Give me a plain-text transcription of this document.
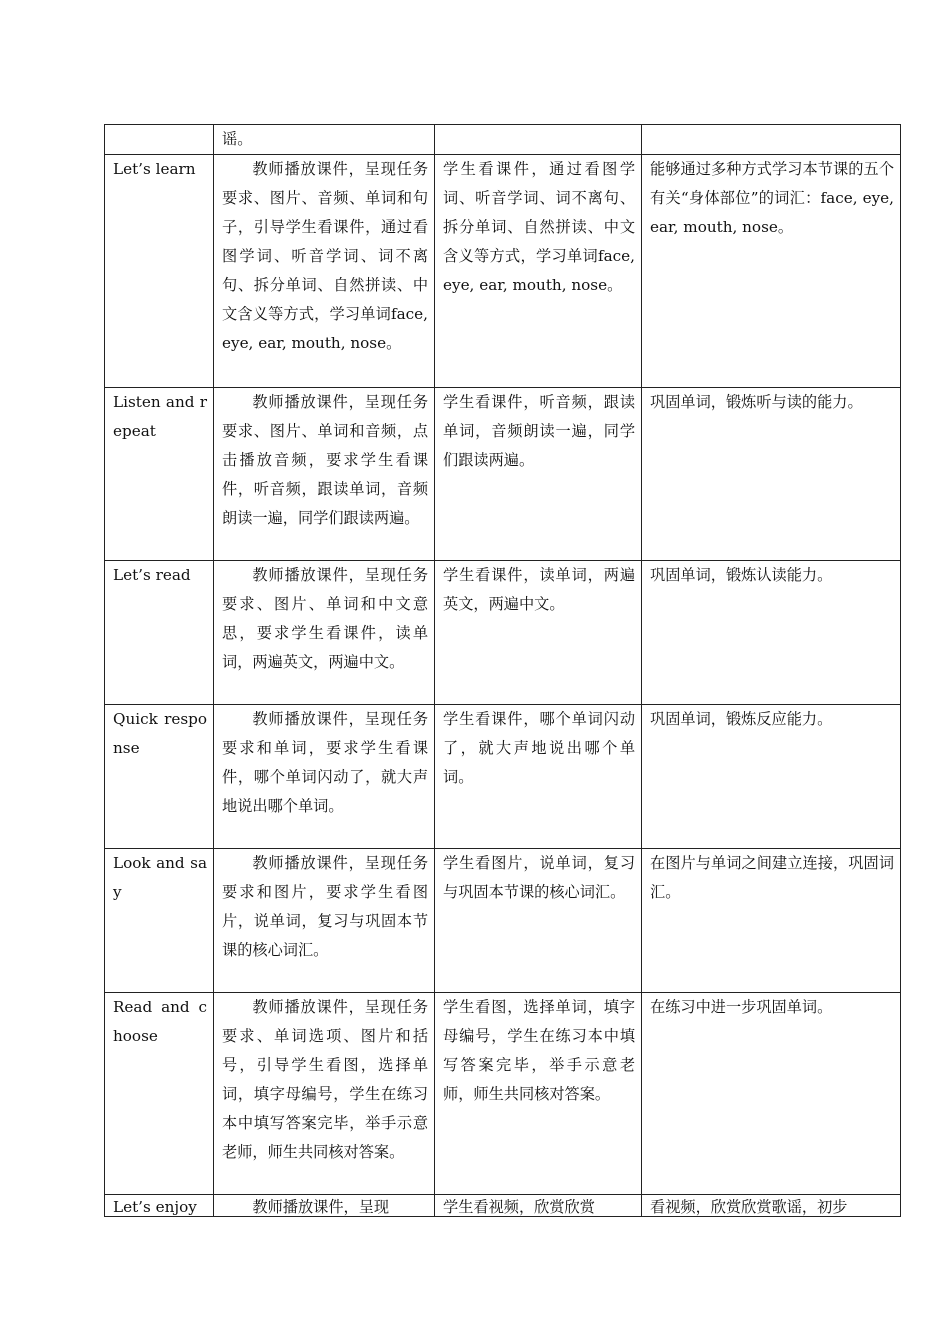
	谣。		
Let’s learn	教师播放课件，呈现任务要求、图片、音频、单词和句子，引导学生看课件，通过看图学词、听音学词、词不离句、拆分单词、自然拼读、中文含义等方式，学习单词face, eye, ear, mouth, nose。	学生看课件，通过看图学词、听音学词、词不离句、拆分单词、自然拼读、中文含义等方式，学习单词face, eye, ear, mouth, nose。	能够通过多种方式学习本节课的五个有关“身体部位”的词汇：face, eye, ear, mouth, nose。
Listen and repeat	教师播放课件，呈现任务要求、图片、单词和音频，点击播放音频，要求学生看课件，听音频，跟读单词，音频朗读一遍，同学们跟读两遍。	学生看课件，听音频，跟读单词，音频朗读一遍，同学们跟读两遍。	巩固单词，锻炼听与读的能力。
Let’s read	教师播放课件，呈现任务要求、图片、单词和中文意思，要求学生看课件，读单词，两遍英文，两遍中文。	学生看课件，读单词，两遍英文，两遍中文。	巩固单词，锻炼认读能力。
Quick response	教师播放课件，呈现任务要求和单词，要求学生看课件，哪个单词闪动了，就大声地说出哪个单词。	学生看课件，哪个单词闪动了，就大声地说出哪个单词。	巩固单词，锻炼反应能力。
Look and say	教师播放课件，呈现任务要求和图片，要求学生看图片，说单词，复习与巩固本节课的核心词汇。	学生看图片，说单词，复习与巩固本节课的核心词汇。	在图片与单词之间建立连接，巩固词汇。
Read and choose	教师播放课件，呈现任务要求、单词选项、图片和括号，引导学生看图，选择单词，填字母编号，学生在练习本中填写答案完毕，举手示意老师，师生共同核对答案。	学生看图，选择单词，填字母编号，学生在练习本中填写答案完毕，举手示意老师，师生共同核对答案。	在练习中进一步巩固单词。

Let’s enjoy	教师播放课件，呈现	学生看视频，欣赏欣赏	看视频，欣赏欣赏歌谣，初步
